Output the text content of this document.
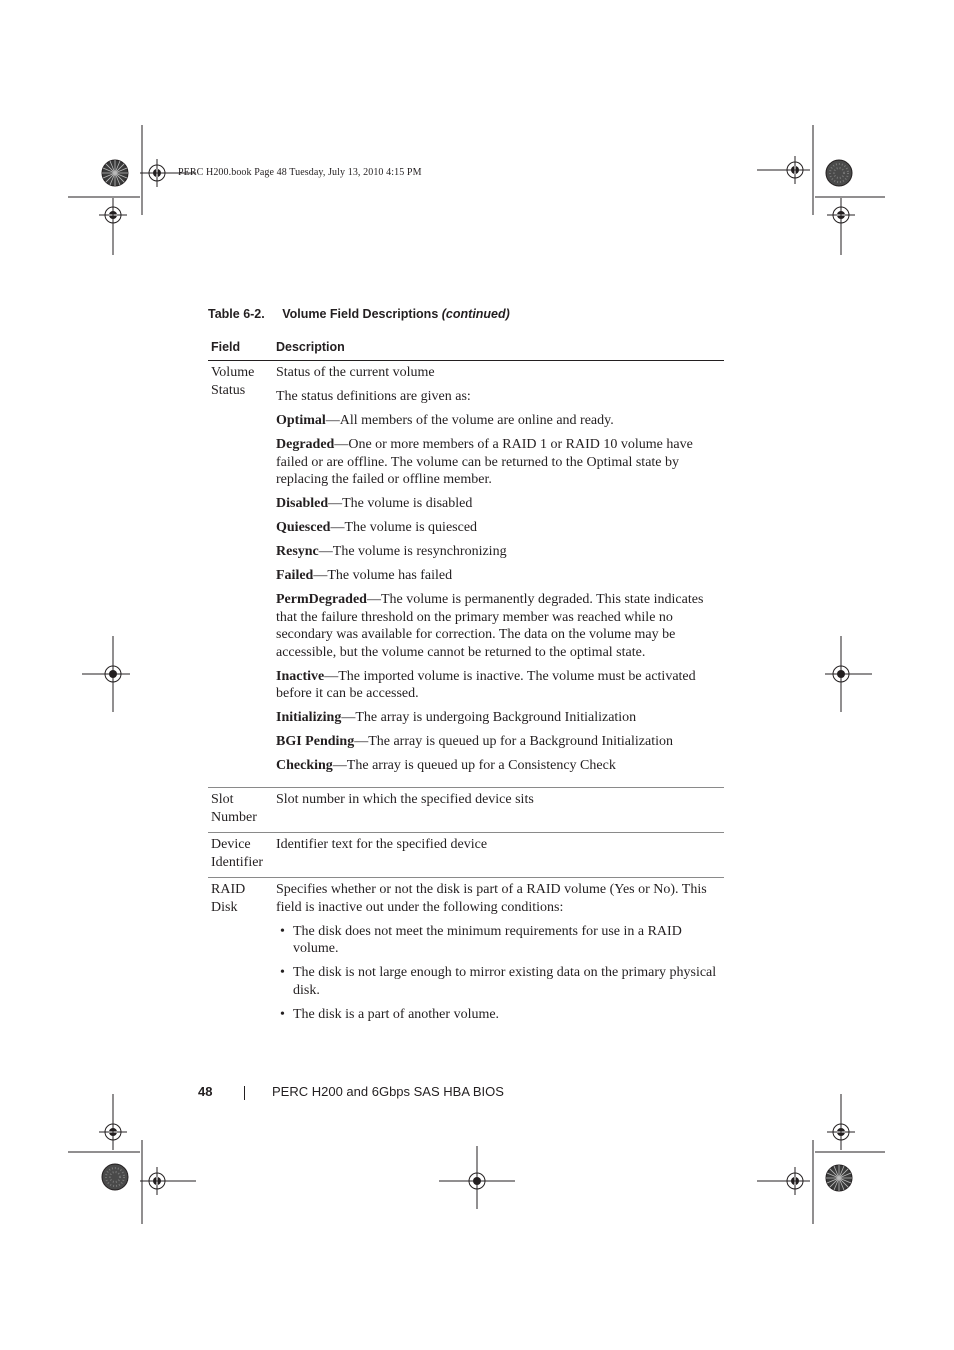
PERC H200.book Page 48 Tuesday, July 13, 2010 4:15 PM
Table 6-2. Volume Field Descriptions (continued)
Field	Description
Volume
Status
Status of the current volume
The status definitions are given as:
Optimal—All members of the volume are online and ready.
Degraded—One or more members of a RAID 1 or RAID 10 volume have failed or are offline. The volume can be returned to the Optimal state by replacing the failed or offline member.
Disabled—The volume is disabled
Quiesced—The volume is quiesced
Resync—The volume is resynchronizing
Failed—The volume has failed
PermDegraded—The volume is permanently degraded. This state indicates that the failure threshold on the primary member was reached while no secondary was available for correction. The data on the volume may be accessible, but the volume cannot be returned to the optimal state.
Inactive—The imported volume is inactive. The volume must be activated before it can be accessed.
Initializing—The array is undergoing Background Initialization
BGI Pending—The array is queued up for a Background Initialization
Checking—The array is queued up for a Consistency Check
Slot
Number
Slot number in which the specified device sits
Device
Identifier
Identifier text for the specified device
RAID
Disk
Specifies whether or not the disk is part of a RAID volume (Yes or No). This field is inactive out under the following conditions:
• The disk does not meet the minimum requirements for use in a RAID volume.
• The disk is not large enough to mirror existing data on the primary physical disk.
• The disk is a part of another volume.
48	PERC H200 and 6Gbps SAS HBA BIOS
